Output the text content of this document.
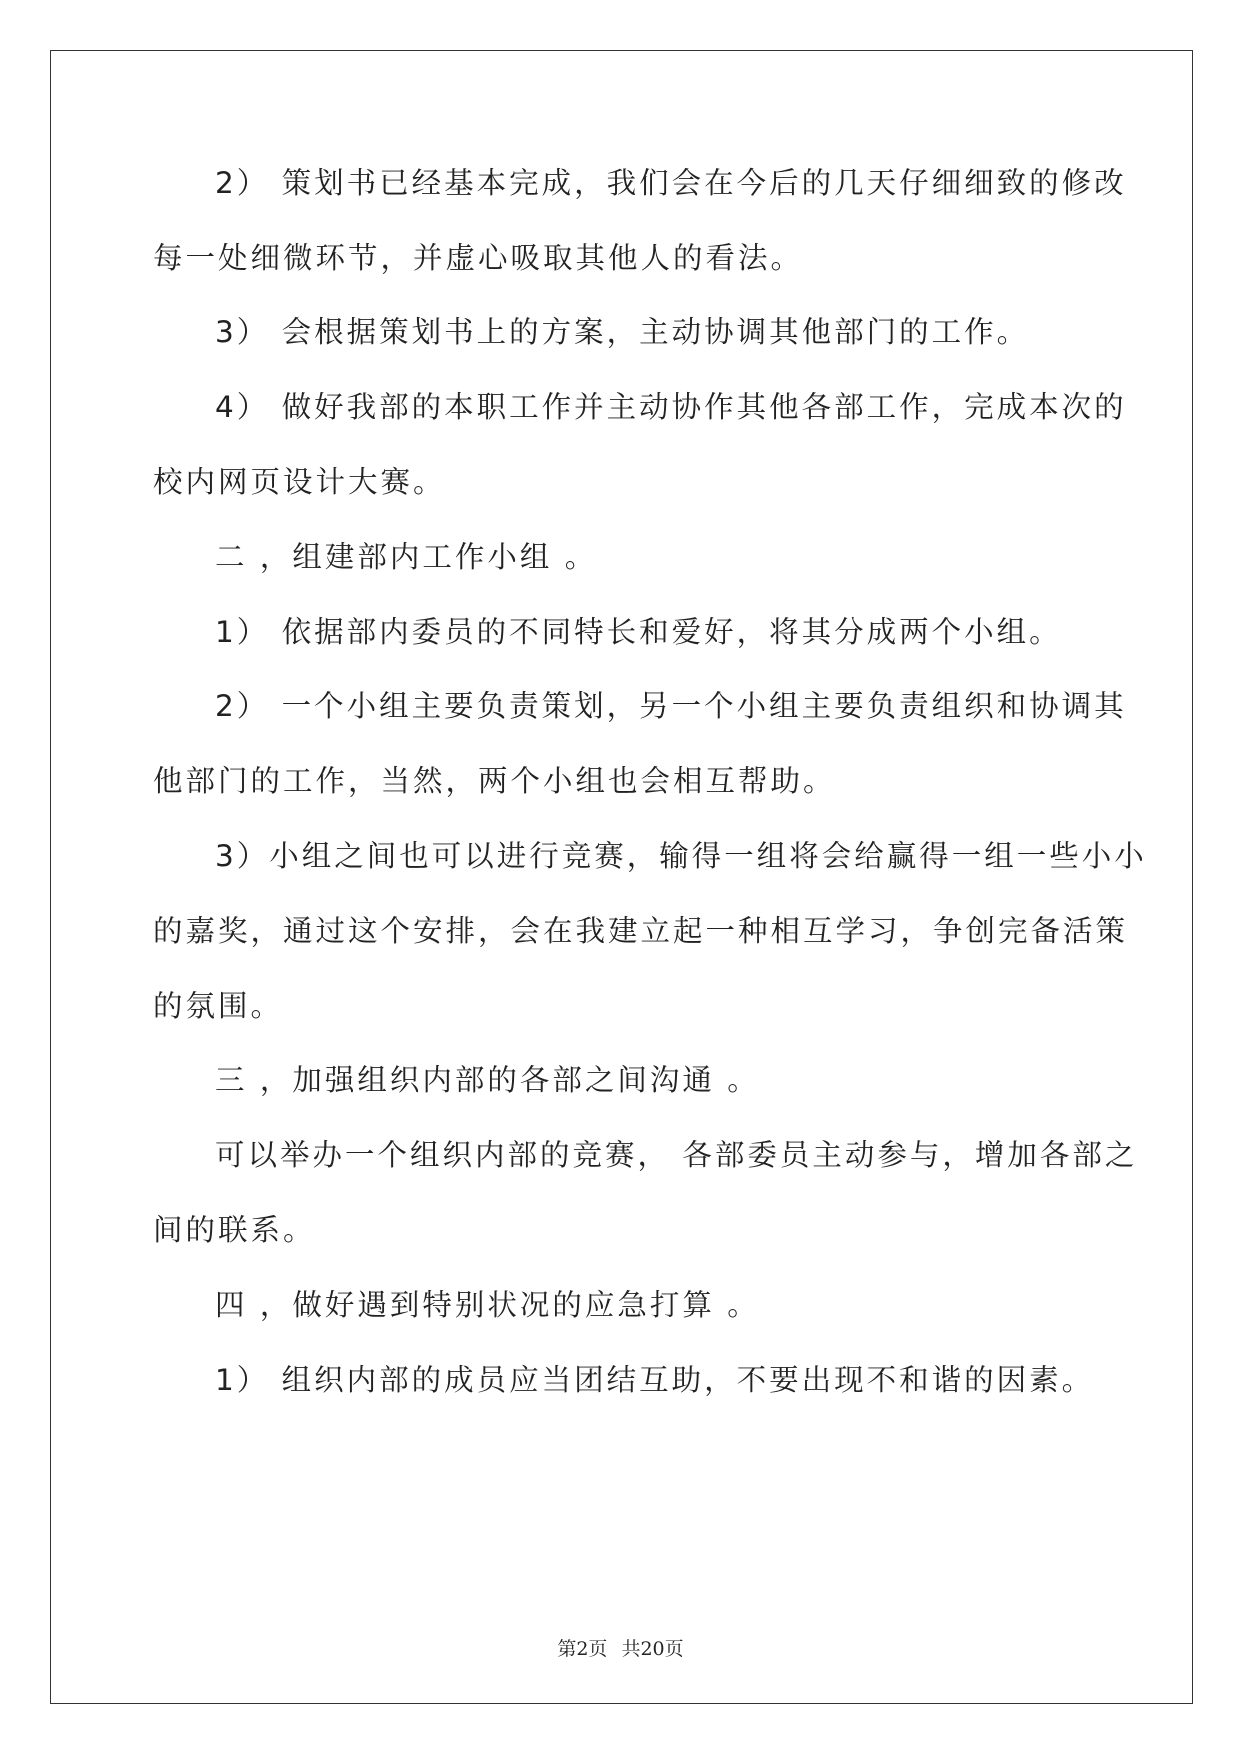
2） 策划书已经基本完成，我们会在今后的几天仔细细致的修改
每一处细微环节，并虚心吸取其他人的看法。
3） 会根据策划书上的方案，主动协调其他部门的工作。
4） 做好我部的本职工作并主动协作其他各部工作，完成本次的
校内网页设计大赛。
二 ，组建部内工作小组 。
1） 依据部内委员的不同特长和爱好，将其分成两个小组。
2） 一个小组主要负责策划，另一个小组主要负责组织和协调其
他部门的工作，当然，两个小组也会相互帮助。
3）小组之间也可以进行竞赛，输得一组将会给赢得一组一些小小
的嘉奖，通过这个安排，会在我建立起一种相互学习，争创完备活策
的氛围。
三 ，加强组织内部的各部之间沟通 。
可以举办一个组织内部的竞赛， 各部委员主动参与，增加各部之
间的联系。
四 ，做好遇到特别状况的应急打算 。
1） 组织内部的成员应当团结互助，不要出现不和谐的因素。
第2页 共20页
